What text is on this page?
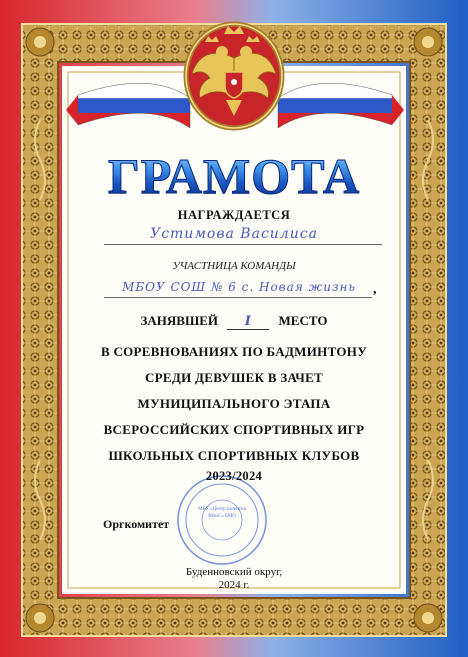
ГРАМОТА
НАГРАЖДАЕТСЯ
Устимова Василиса
УЧАСТНИЦА КОМАНДЫ
МБОУ СОШ № 6 с. Новая жизнь	,
ЗАНЯВШЕЙ I МЕСТО
В СОРЕВНОВАНИЯХ ПО БАДМИНТОНУ
СРЕДИ ДЕВУШЕК В ЗАЧЕТ
МУНИЦИПАЛЬНОГО ЭТАПА
ВСЕРОССИЙСКИХ СПОРТИВНЫХ ИГР
ШКОЛЬНЫХ СПОРТИВНЫХ КЛУБОВ
2023/2024
Оргкомитет
МБУ «Центр развития ФВиС» БМО
Буденновский округ,
2024 г.
